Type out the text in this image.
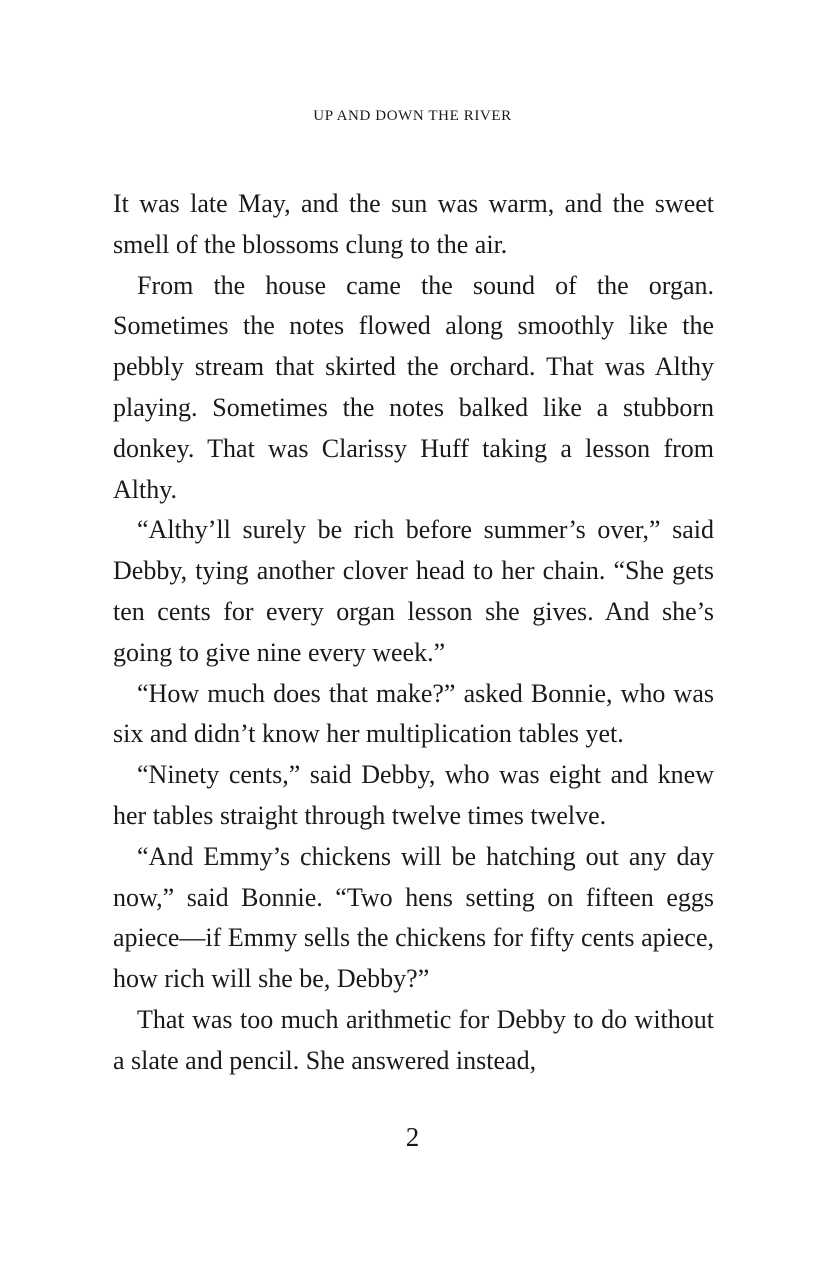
UP AND DOWN THE RIVER

It was late May, and the sun was warm, and the sweet smell of the blossoms clung to the air.

From the house came the sound of the organ. Sometimes the notes flowed along smoothly like the pebbly stream that skirted the orchard. That was Althy playing. Sometimes the notes balked like a stubborn donkey. That was Clarissy Huff taking a lesson from Althy.

“Althy’ll surely be rich before summer’s over,” said Debby, tying another clover head to her chain. “She gets ten cents for every organ lesson she gives. And she’s going to give nine every week.”

“How much does that make?” asked Bonnie, who was six and didn’t know her multiplication tables yet.

“Ninety cents,” said Debby, who was eight and knew her tables straight through twelve times twelve.

“And Emmy’s chickens will be hatching out any day now,” said Bonnie. “Two hens setting on fifteen eggs apiece—if Emmy sells the chickens for fifty cents apiece, how rich will she be, Debby?”

That was too much arithmetic for Debby to do without a slate and pencil. She answered instead,

2
